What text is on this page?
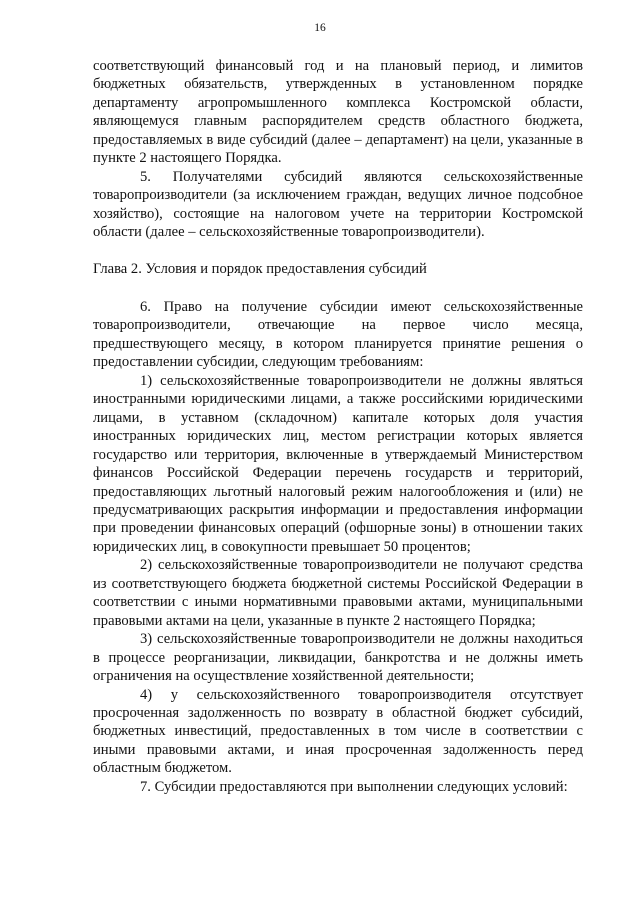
16

соответствующий финансовый год и на плановый период, и лимитов бюджетных обязательств, утвержденных в установленном порядке департаменту агропромышленного комплекса Костромской области, являющемуся главным распорядителем средств областного бюджета, предоставляемых в виде субсидий (далее – департамент) на цели, указанные в пункте 2 настоящего Порядка.

5. Получателями субсидий являются сельскохозяйственные товаропроизводители (за исключением граждан, ведущих личное подсобное хозяйство), состоящие на налоговом учете на территории Костромской области (далее – сельскохозяйственные товаропроизводители).

Глава 2. Условия и порядок предоставления субсидий

6. Право на получение субсидии имеют сельскохозяйственные товаропроизводители, отвечающие на первое число месяца, предшествующего месяцу, в котором планируется принятие решения о предоставлении субсидии, следующим требованиям:

1) сельскохозяйственные товаропроизводители не должны являться иностранными юридическими лицами, а также российскими юридическими лицами, в уставном (складочном) капитале которых доля участия иностранных юридических лиц, местом регистрации которых является государство или территория, включенные в утверждаемый Министерством финансов Российской Федерации перечень государств и территорий, предоставляющих льготный налоговый режим налогообложения и (или) не предусматривающих раскрытия информации и предоставления информации при проведении финансовых операций (офшорные зоны) в отношении таких юридических лиц, в совокупности превышает 50 процентов;

2) сельскохозяйственные товаропроизводители не получают средства из соответствующего бюджета бюджетной системы Российской Федерации в соответствии с иными нормативными правовыми актами, муниципальными правовыми актами на цели, указанные в пункте 2 настоящего Порядка;

3) сельскохозяйственные товаропроизводители не должны находиться в процессе реорганизации, ликвидации, банкротства и не должны иметь ограничения на осуществление хозяйственной деятельности;

4) у сельскохозяйственного товаропроизводителя отсутствует просроченная задолженность по возврату в областной бюджет субсидий, бюджетных инвестиций, предоставленных в том числе в соответствии с иными правовыми актами, и иная просроченная задолженность перед областным бюджетом.

7. Субсидии предоставляются при выполнении следующих условий:
